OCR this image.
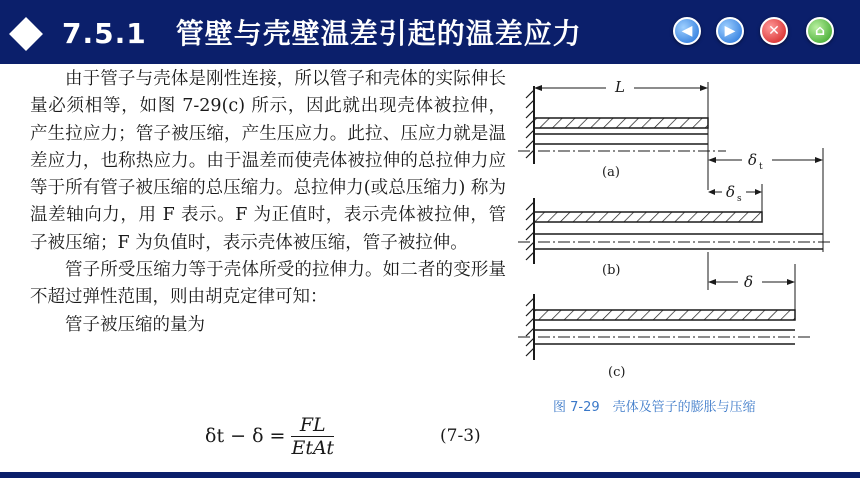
7.5.1　管壁与壳壁温差引起的温差应力	◀	▶	✕	⌂

由于管子与壳体是刚性连接，所以管子和壳体的实际伸长量必须相等，如图 7-29(c) 所示，因此就出现壳体被拉伸，产生拉应力；管子被压缩，产生压应力。此拉、压应力就是温差应力，也称热应力。由于温差而使壳体被拉伸的总拉伸力应等于所有管子被压缩的总压缩力。总拉伸力(或总压缩力) 称为温差轴向力，用 F 表示。F 为正值时，表示壳体被拉伸，管子被压缩；F 为负值时，表示壳体被压缩，管子被拉伸。

管子所受压缩力等于壳体所受的拉伸力。如二者的变形量不超过弹性范围，则由胡克定律可知：

管子被压缩的量为

$\delta t - \delta = \frac{FL}{\text{EtAt}}$	(7-3)
L
(a)
δ t
δ s
(b)
δ
(c)
图 7-29　壳体及管子的膨胀与压缩
